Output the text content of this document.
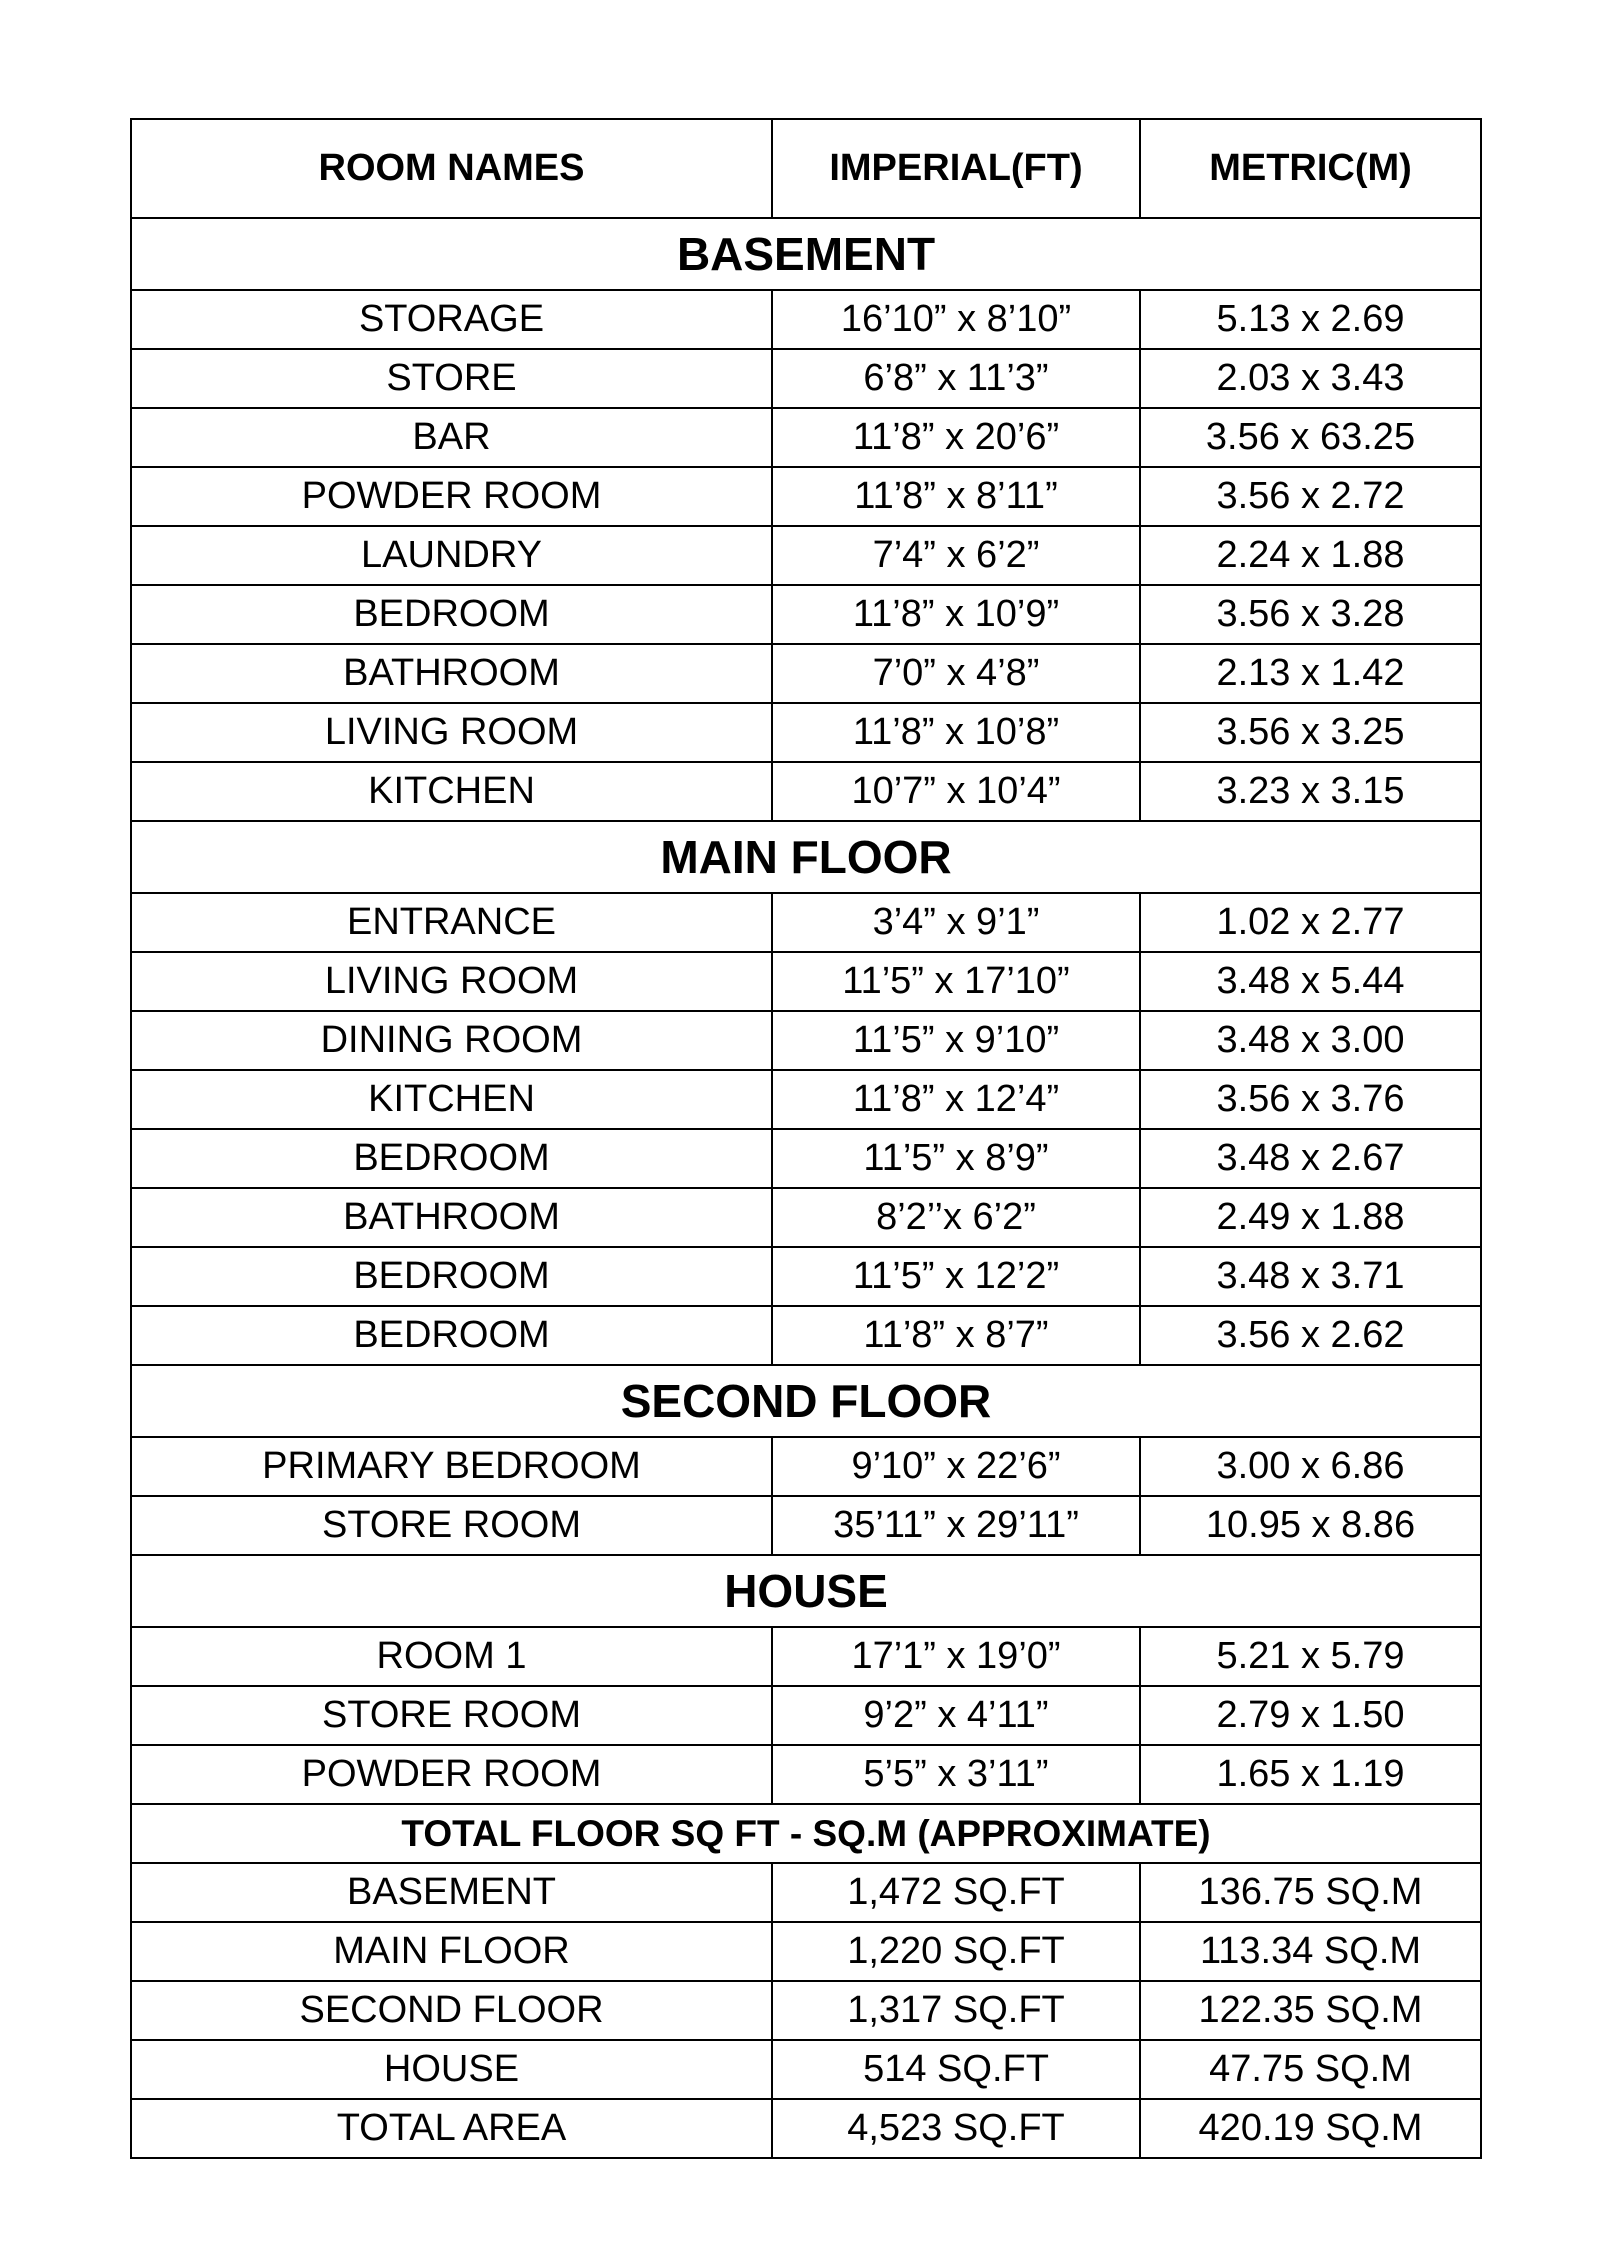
ROOM NAMES	IMPERIAL(FT)	METRIC(M)
BASEMENT		
STORAGE	16’10” x 8’10”	5.13 x 2.69
STORE	6’8” x 11’3”	2.03 x 3.43
BAR	11’8” x 20’6”	3.56 x 63.25
POWDER ROOM	11’8” x 8’11”	3.56 x 2.72
LAUNDRY	7’4” x 6’2”	2.24 x 1.88
BEDROOM	11’8” x 10’9”	3.56 x 3.28
BATHROOM	7’0” x 4’8”	2.13 x 1.42
LIVING ROOM	11’8” x 10’8”	3.56 x 3.25
KITCHEN	10’7” x 10’4”	3.23 x 3.15
MAIN FLOOR		
ENTRANCE	3’4” x 9’1”	1.02 x 2.77
LIVING ROOM	11’5” x 17’10”	3.48 x 5.44
DINING ROOM	11’5” x 9’10”	3.48 x 3.00
KITCHEN	11’8” x 12’4”	3.56 x 3.76
BEDROOM	11’5” x 8’9”	3.48 x 2.67
BATHROOM	8’2’’x 6’2”	2.49 x 1.88
BEDROOM	11’5” x 12’2”	3.48 x 3.71
BEDROOM	11’8” x 8’7”	3.56 x 2.62
SECOND FLOOR		
PRIMARY BEDROOM	9’10” x 22’6”	3.00 x 6.86
STORE ROOM	35’11” x 29’11”	10.95 x 8.86
HOUSE		
ROOM 1	17’1” x 19’0”	5.21 x 5.79
STORE ROOM	9’2” x 4’11”	2.79 x 1.50
POWDER ROOM	5’5” x 3’11”	1.65 x 1.19
TOTAL FLOOR SQ FT - SQ.M (APPROXIMATE)		
BASEMENT	1,472 SQ.FT	136.75 SQ.M
MAIN FLOOR	1,220 SQ.FT	113.34 SQ.M
SECOND FLOOR	1,317 SQ.FT	122.35 SQ.M
HOUSE	514 SQ.FT	47.75 SQ.M
TOTAL AREA	4,523 SQ.FT	420.19 SQ.M
